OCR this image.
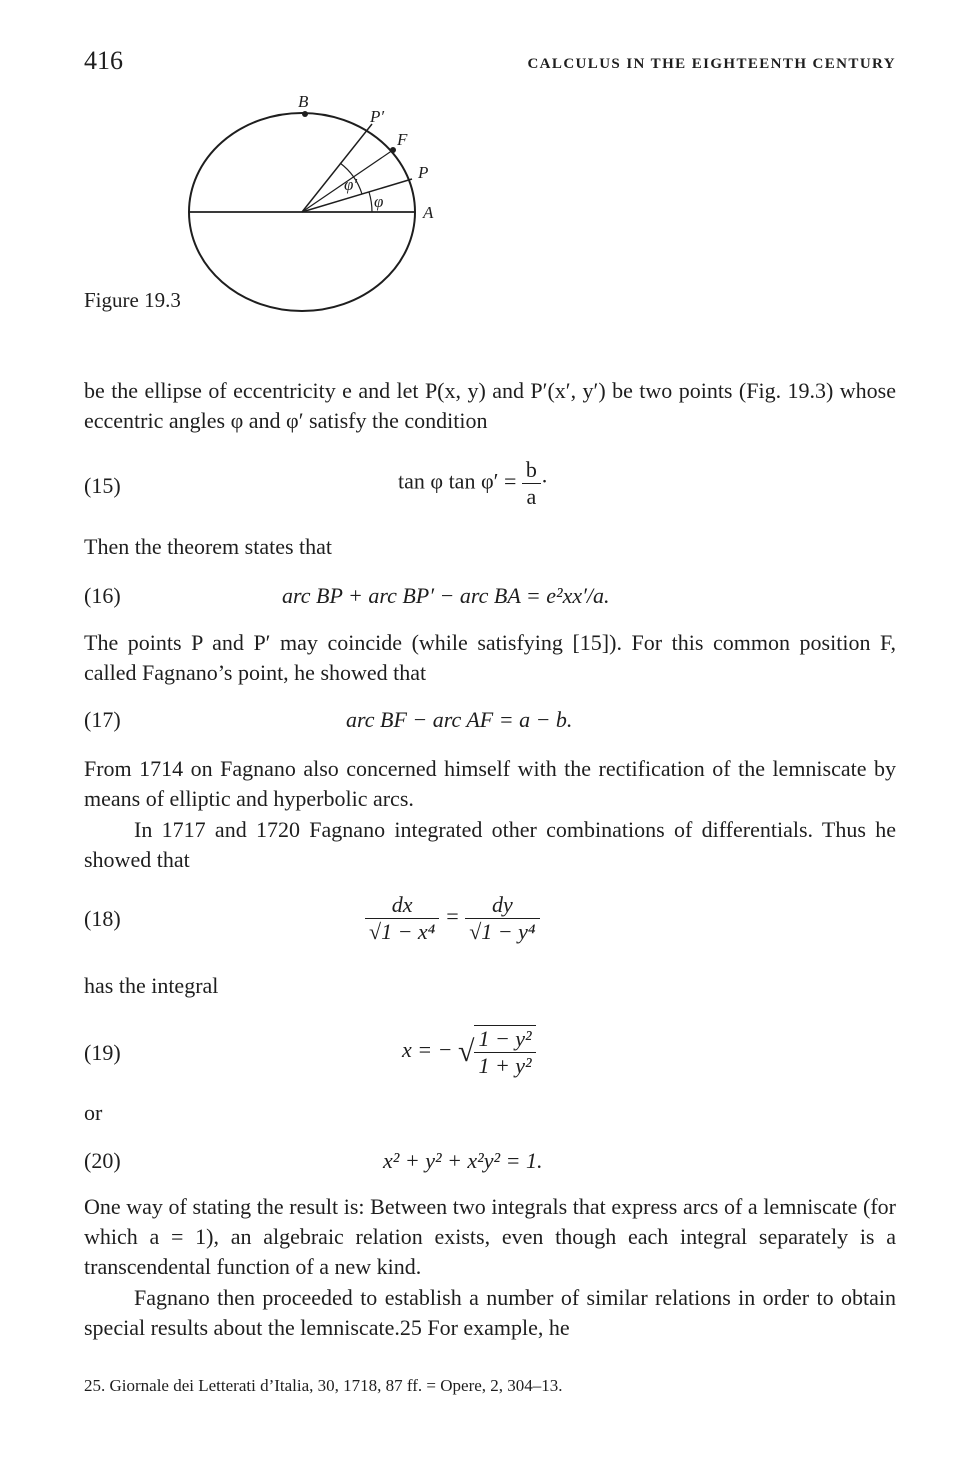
416	CALCULUS IN THE EIGHTEENTH CENTURY
B
P′
F
P
A
φ′
φ
Figure 19.3
be the ellipse of eccentricity e and let P(x, y) and P′(x′, y′) be two points (Fig. 19.3) whose eccentric angles φ and φ′ satisfy the condition
(15)	tan φ $\tan \varphi' = \frac{b}{a}$ ·
Then the theorem states that
(16)	arc BP + arc BP′ − arc BA = e²xx′/a.
The points P and P′ may coincide (while satisfying [15]). For this common position F, called Fagnano’s point, he showed that
(17)	arc BF − arc AF = a − b.
From 1714 on Fagnano also concerned himself with the rectification of the lemniscate by means of elliptic and hyperbolic arcs.
In 1717 and 1720 Fagnano integrated other combinations of differentials. Thus he showed that
(18)	$\frac{dx}{\text{√1 − x⁴}} = \frac{dy}{\text{√1 − y⁴}}$
has the integral
(19)	x = − √ $\frac{\text{1 − y²}}{\text{1 + y²}}$
or
(20)	x² + y² + x²y² = 1.
One way of stating the result is: Between two integrals that express arcs of a lemniscate (for which a = 1), an algebraic relation exists, even though each integral separately is a transcendental function of a new kind.
Fagnano then proceeded to establish a number of similar relations in order to obtain special results about the lemniscate.25 For example, he
25. Giornale dei Letterati d’Italia, 30, 1718, 87 ff. = Opere, 2, 304–13.
